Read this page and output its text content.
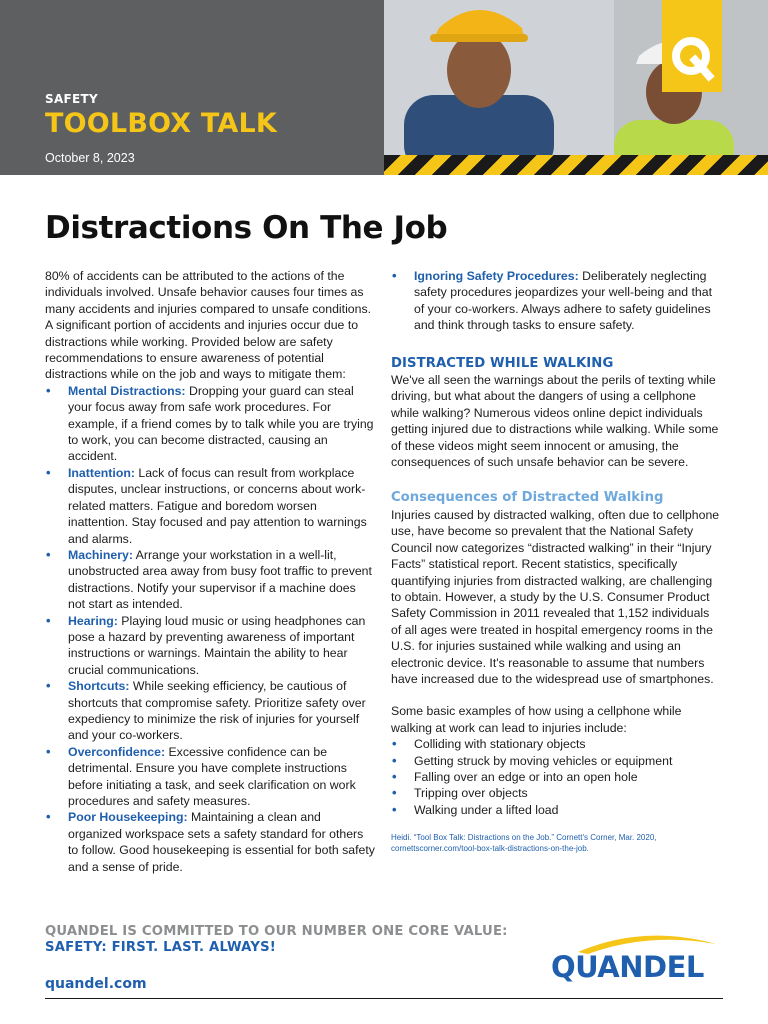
SAFETY
TOOLBOX TALK
October 8, 2023
Distractions On The Job

80% of accidents can be attributed to the actions of the individuals involved. Unsafe behavior causes four times as many accidents and injuries compared to unsafe conditions. A significant portion of accidents and injuries occur due to distractions while working. Provided below are safety recommendations to ensure awareness of potential distractions while on the job and ways to mitigate them:

• Mental Distractions: Dropping your guard can steal your focus away from safe work procedures. For example, if a friend comes by to talk while you are trying to work, you can become distracted, causing an accident.
• Inattention: Lack of focus can result from workplace disputes, unclear instructions, or concerns about work-related matters. Fatigue and boredom worsen inattention. Stay focused and pay attention to warnings and alarms.
• Machinery: Arrange your workstation in a well-lit, unobstructed area away from busy foot traffic to prevent distractions. Notify your supervisor if a machine does not start as intended.
• Hearing: Playing loud music or using headphones can pose a hazard by preventing awareness of important instructions or warnings. Maintain the ability to hear crucial communications.
• Shortcuts: While seeking efficiency, be cautious of shortcuts that compromise safety. Prioritize safety over expediency to minimize the risk of injuries for yourself and your co-workers.
• Overconfidence: Excessive confidence can be detrimental. Ensure you have complete instructions before initiating a task, and seek clarification on work procedures and safety measures.
• Poor Housekeeping: Maintaining a clean and organized workspace sets a safety standard for others to follow. Good housekeeping is essential for both safety and a sense of pride.
• Ignoring Safety Procedures: Deliberately neglecting safety procedures jeopardizes your well-being and that of your co-workers. Always adhere to safety guidelines and think through tasks to ensure safety.
DISTRACTED WHILE WALKING

We've all seen the warnings about the perils of texting while driving, but what about the dangers of using a cellphone while walking? Numerous videos online depict individuals getting injured due to distractions while walking. While some of these videos might seem innocent or amusing, the consequences of such unsafe behavior can be severe.

Consequences of Distracted Walking

Injuries caused by distracted walking, often due to cellphone use, have become so prevalent that the National Safety Council now categorizes “distracted walking” in their “Injury Facts” statistical report. Recent statistics, specifically quantifying injuries from distracted walking, are challenging to obtain. However, a study by the U.S. Consumer Product Safety Commission in 2011 revealed that 1,152 individuals of all ages were treated in hospital emergency rooms in the U.S. for injuries sustained while walking and using an electronic device. It's reasonable to assume that numbers have increased due to the widespread use of smartphones.

Some basic examples of how using a cellphone while walking at work can lead to injuries include:

• Colliding with stationary objects
• Getting struck by moving vehicles or equipment
• Falling over an edge or into an open hole
• Tripping over objects
• Walking under a lifted load
Heidi. “Tool Box Talk: Distractions on the Job.” Cornett's Corner, Mar. 2020, cornettscorner.com/tool-box-talk-distractions-on-the-job.
QUANDEL IS COMMITTED TO OUR NUMBER ONE CORE VALUE:
SAFETY: FIRST. LAST. ALWAYS!
quandel.com	QUANDEL
